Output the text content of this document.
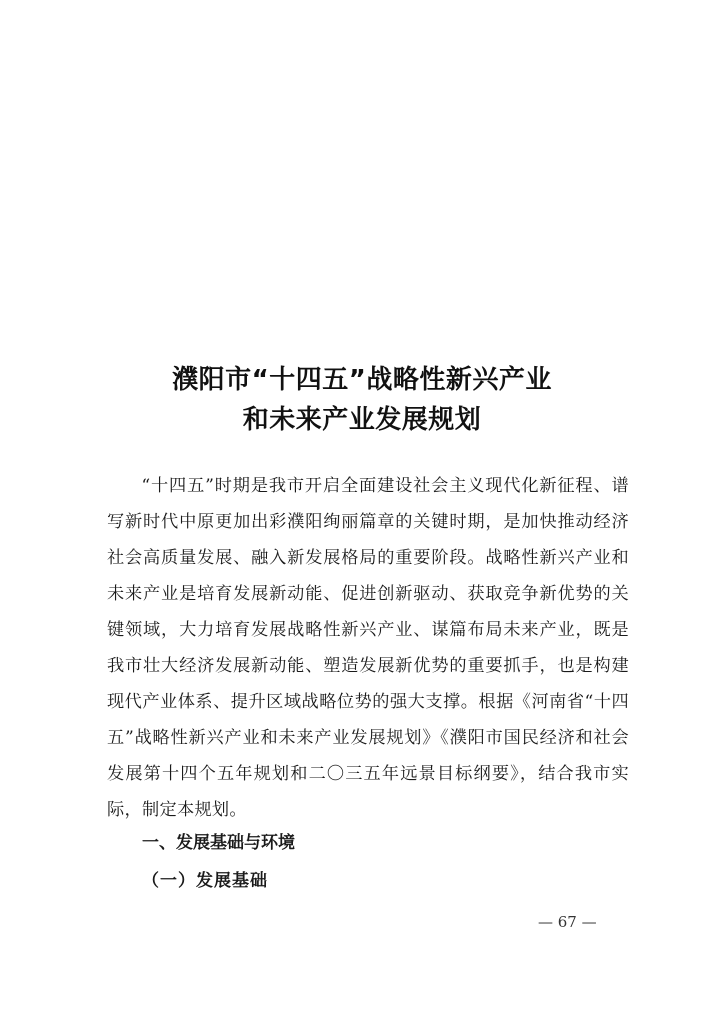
濮阳市“十四五”战略性新兴产业
和未来产业发展规划

“十四五”时期是我市开启全面建设社会主义现代化新征程、谱写新时代中原更加出彩濮阳绚丽篇章的关键时期，是加快推动经济社会高质量发展、融入新发展格局的重要阶段。战略性新兴产业和未来产业是培育发展新动能、促进创新驱动、获取竞争新优势的关键领域，大力培育发展战略性新兴产业、谋篇布局未来产业，既是我市壮大经济发展新动能、塑造发展新优势的重要抓手，也是构建现代产业体系、提升区域战略位势的强大支撑。根据《河南省“十四五”战略性新兴产业和未来产业发展规划》《濮阳市国民经济和社会发展第十四个五年规划和二〇三五年远景目标纲要》，结合我市实际，制定本规划。

一、发展基础与环境
（一）发展基础
— 67 —
